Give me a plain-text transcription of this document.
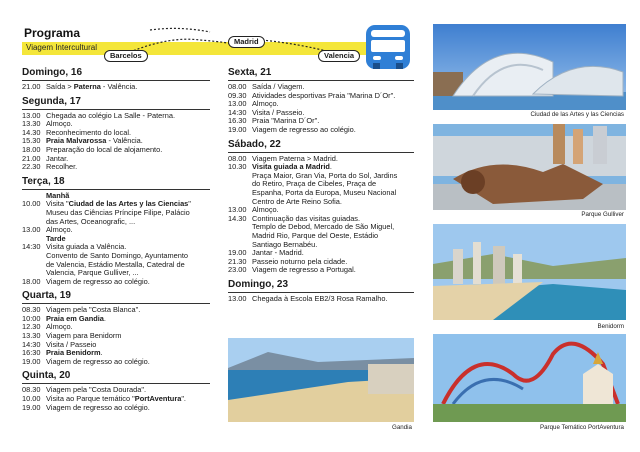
Programa
Viagem Intercultural
Barcelos
Madrid
Valencia
Domingo, 16
21.00 Saída > Paterna - Valência.
Segunda, 17
13.00 Chegada ao colégio La Salle - Paterna.
13.30 Almoço.
14.30 Reconhecimento do local.
15.30 Praia Malvarossa - Valência.
18.00 Preparação do local de alojamento.
21.00 Jantar.
22.30 Recolher.
Terça, 18
Manhã
10.00 Visita "Ciudad de las Artes y las Ciencias"
Museu das Ciências Príncipe Filipe, Palácio
das Artes, Oceanografic, ...
13.00 Almoço.
Tarde
14:30 Visita guiada a Valência.
Convento de Santo Domingo, Ayuntamento
de Valencia, Estádio Mestalla, Catedral de
Valencia, Parque Gulliver, ...
18.00 Viagem de regresso ao colégio.
Quarta, 19
08.30 Viagem pela "Costa Blanca".
10:00 Praia em Gandia.
12.30 Almoço.
13.30 Viagem para Benidorm
14:30 Visita / Passeio
16:30 Praia Benidorm.
19.00 Viagem de regresso ao colégio.
Quinta, 20
08.30 Viagem pela "Costa Dourada".
10.00 Visita ao Parque temático "PortAventura".
19.00 Viagem de regresso ao colégio.
Sexta, 21
08.00 Saída / Viagem.
09.30 Atividades desportivas Praia "Marina D´Or".
13.00 Almoço.
14:30 Visita / Passeio.
16.30 Praia "Marina D´Or".
19.00 Viagem de regresso ao colégio.
Sábado, 22
08.00 Viagem Paterna > Madrid.
10.30 Visita guiada a Madrid.
Praça Maior, Gran Via, Porta do Sol, Jardins
do Retiro, Praça de Cibeles, Praça de
Espanha, Porta da Europa, Museu Nacional
Centro de Arte Reino Sofia.
13.00 Almoço.
14.30 Continuação das visitas guiadas.
Templo de Debod, Mercado de São Miguel,
Madrid Rio, Parque del Oeste, Estádio
Santiago Bernabéu.
19.00 Jantar - Madrid.
21.30 Passeio noturno pela cidade.
23.00 Viagem de regresso a Portugal.
Domingo, 23
13.00 Chegada à Escola EB2/3 Rosa Ramalho.
Ciudad de las Artes y las Ciencias
Parque Gulliver
Benidorm
Parque Temático PortAventura
Gandia
